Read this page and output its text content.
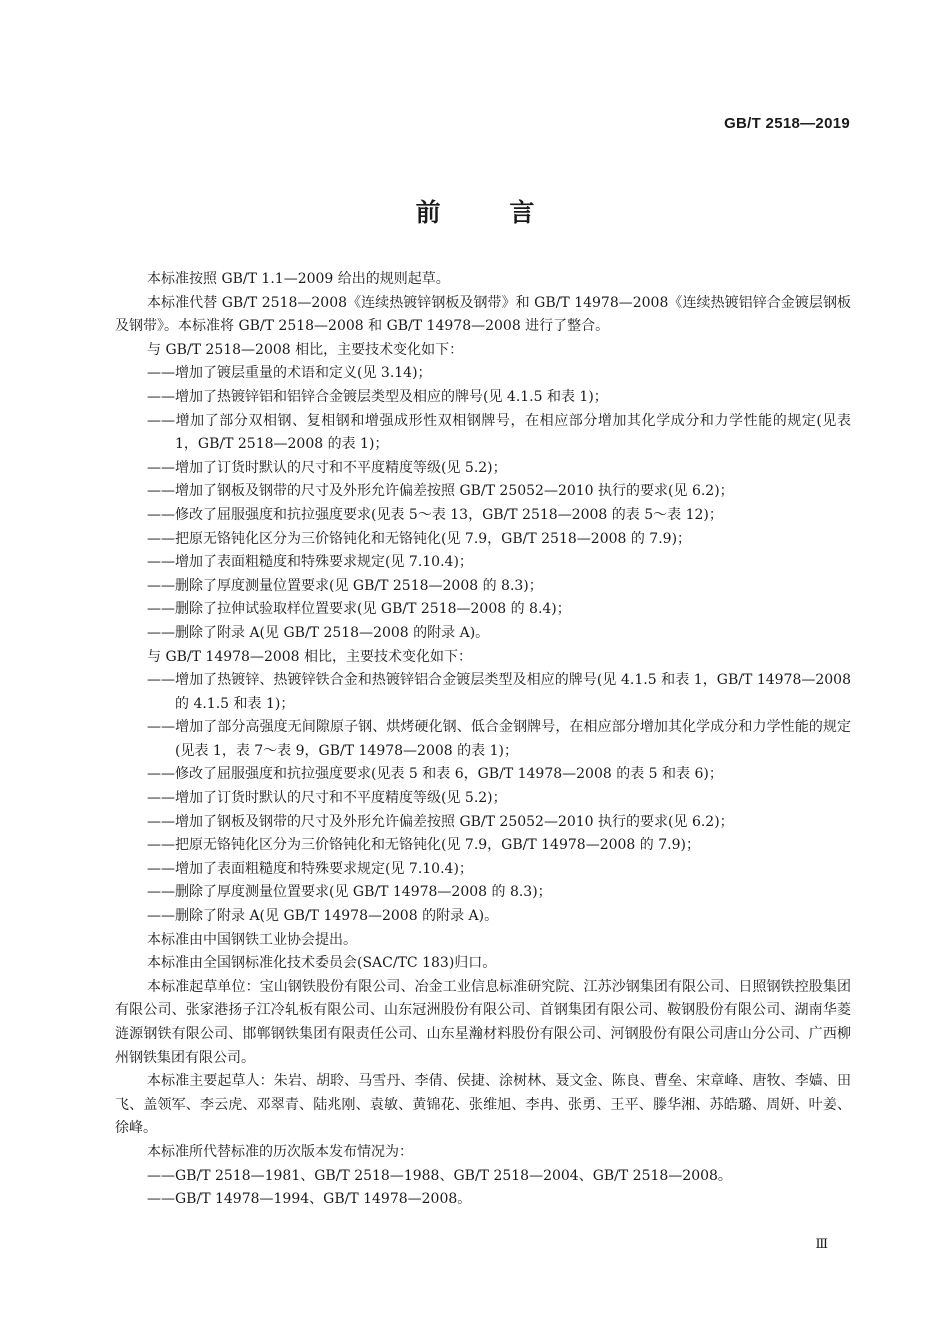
GB/T 2518—2019
前 言

本标准按照 GB/T 1.1—2009 给出的规则起草。

本标准代替 GB/T 2518—2008《连续热镀锌钢板及钢带》和 GB/T 14978—2008《连续热镀铝锌合金镀层钢板及钢带》。本标准将 GB/T 2518—2008 和 GB/T 14978—2008 进行了整合。

与 GB/T 2518—2008 相比，主要技术变化如下：

——增加了镀层重量的术语和定义(见 3.14)；

——增加了热镀锌铝和铝锌合金镀层类型及相应的牌号(见 4.1.5 和表 1)；

——增加了部分双相钢、复相钢和增强成形性双相钢牌号，在相应部分增加其化学成分和力学性能的规定(见表 1，GB/T 2518—2008 的表 1)；

——增加了订货时默认的尺寸和不平度精度等级(见 5.2)；

——增加了钢板及钢带的尺寸及外形允许偏差按照 GB/T 25052—2010 执行的要求(见 6.2)；

——修改了屈服强度和抗拉强度要求(见表 5～表 13，GB/T 2518—2008 的表 5～表 12)；

——把原无铬钝化区分为三价铬钝化和无铬钝化(见 7.9，GB/T 2518—2008 的 7.9)；

——增加了表面粗糙度和特殊要求规定(见 7.10.4)；

——删除了厚度测量位置要求(见 GB/T 2518—2008 的 8.3)；

——删除了拉伸试验取样位置要求(见 GB/T 2518—2008 的 8.4)；

——删除了附录 A(见 GB/T 2518—2008 的附录 A)。

与 GB/T 14978—2008 相比，主要技术变化如下：

——增加了热镀锌、热镀锌铁合金和热镀锌铝合金镀层类型及相应的牌号(见 4.1.5 和表 1，GB/T 14978—2008 的 4.1.5 和表 1)；

——增加了部分高强度无间隙原子钢、烘烤硬化钢、低合金钢牌号，在相应部分增加其化学成分和力学性能的规定(见表 1，表 7～表 9，GB/T 14978—2008 的表 1)；

——修改了屈服强度和抗拉强度要求(见表 5 和表 6，GB/T 14978—2008 的表 5 和表 6)；

——增加了订货时默认的尺寸和不平度精度等级(见 5.2)；

——增加了钢板及钢带的尺寸及外形允许偏差按照 GB/T 25052—2010 执行的要求(见 6.2)；

——把原无铬钝化区分为三价铬钝化和无铬钝化(见 7.9，GB/T 14978—2008 的 7.9)；

——增加了表面粗糙度和特殊要求规定(见 7.10.4)；

——删除了厚度测量位置要求(见 GB/T 14978—2008 的 8.3)；

——删除了附录 A(见 GB/T 14978—2008 的附录 A)。

本标准由中国钢铁工业协会提出。

本标准由全国钢标准化技术委员会(SAC/TC 183)归口。

本标准起草单位：宝山钢铁股份有限公司、冶金工业信息标准研究院、江苏沙钢集团有限公司、日照钢铁控股集团有限公司、张家港扬子江冷轧板有限公司、山东冠洲股份有限公司、首钢集团有限公司、鞍钢股份有限公司、湖南华菱涟源钢铁有限公司、邯郸钢铁集团有限责任公司、山东星瀚材料股份有限公司、河钢股份有限公司唐山分公司、广西柳州钢铁集团有限公司。

本标准主要起草人：朱岩、胡聆、马雪丹、李倩、侯捷、涂树林、聂文金、陈良、曹垒、宋章峰、唐牧、李嫱、田飞、盖领军、李云虎、邓翠青、陆兆刚、袁敏、黄锦花、张维旭、李冉、张勇、王平、滕华湘、苏皓璐、周妍、叶姜、徐峰。

本标准所代替标准的历次版本发布情况为：

——GB/T 2518—1981、GB/T 2518—1988、GB/T 2518—2004、GB/T 2518—2008。

——GB/T 14978—1994、GB/T 14978—2008。

Ⅲ
